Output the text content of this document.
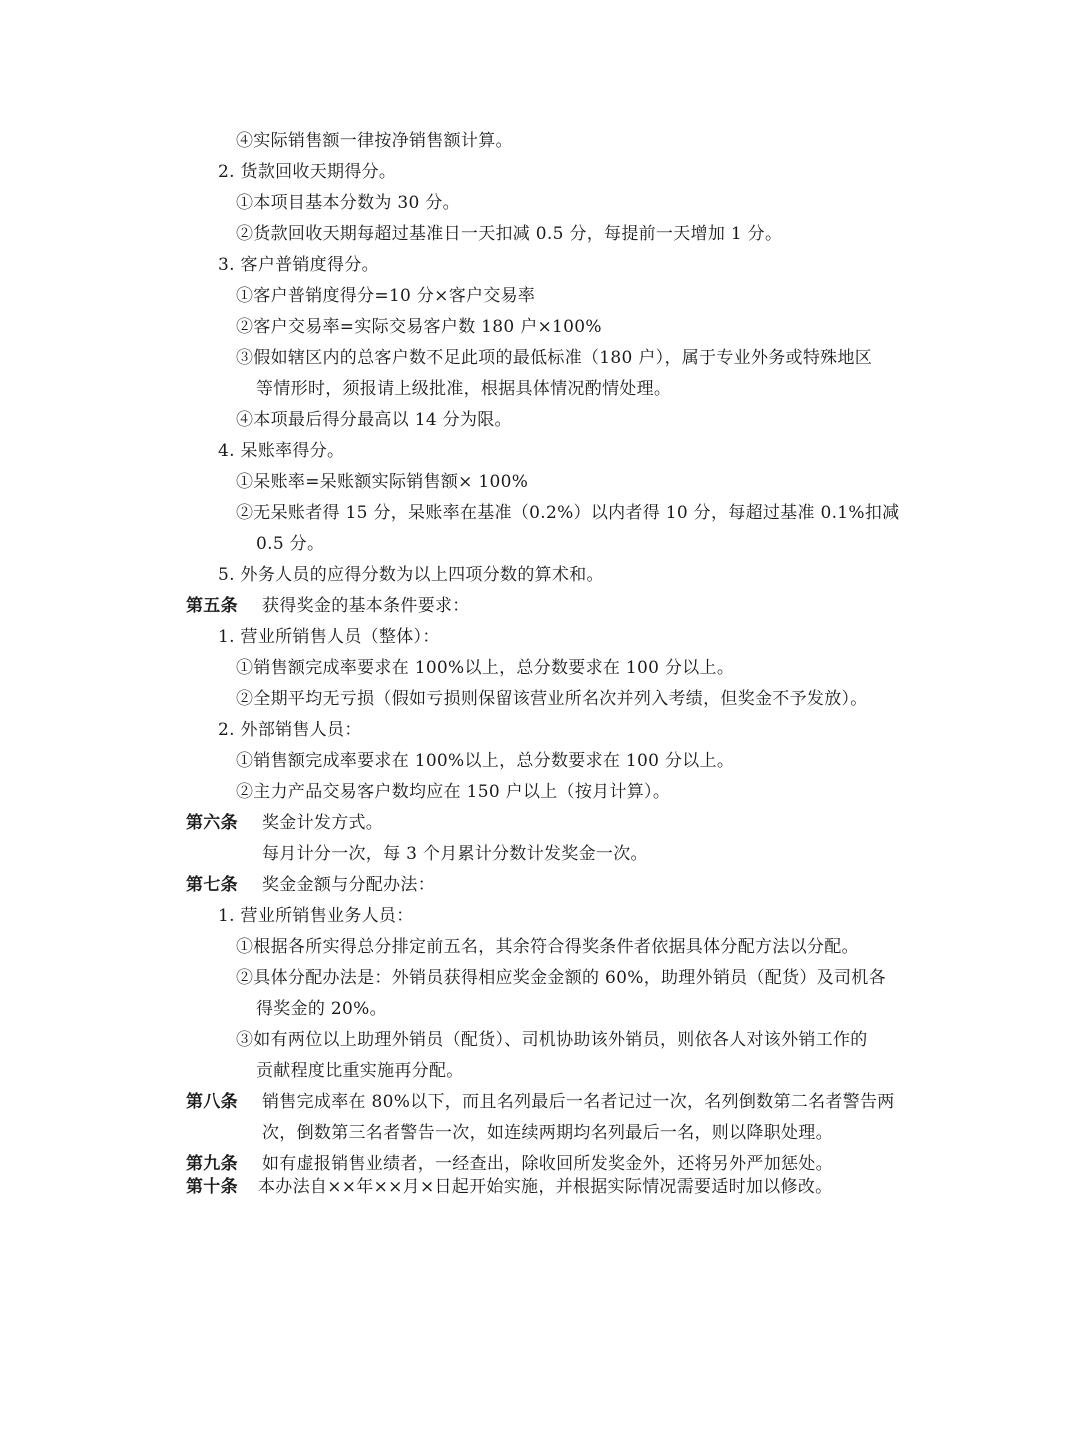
④实际销售额一律按净销售额计算。
2. 货款回收天期得分。
①本项目基本分数为 30 分。
②货款回收天期每超过基准日一天扣减 0.5 分，每提前一天增加 1 分。
3. 客户普销度得分。
①客户普销度得分=10 分×客户交易率
②客户交易率=实际交易客户数 180 户×100%
③假如辖区内的总客户数不足此项的最低标准（180 户），属于专业外务或特殊地区
等情形时，须报请上级批准，根据具体情况酌情处理。
④本项最后得分最高以 14 分为限。
4. 呆账率得分。
①呆账率=呆账额实际销售额× 100%
②无呆账者得 15 分，呆账率在基准（0.2%）以内者得 10 分，每超过基准 0.1%扣减
0.5 分。
5. 外务人员的应得分数为以上四项分数的算术和。
第五条 获得奖金的基本条件要求：
1. 营业所销售人员（整体）：
①销售额完成率要求在 100%以上，总分数要求在 100 分以上。
②全期平均无亏损（假如亏损则保留该营业所名次并列入考绩，但奖金不予发放）。
2. 外部销售人员：
①销售额完成率要求在 100%以上，总分数要求在 100 分以上。
②主力产品交易客户数均应在 150 户以上（按月计算）。
第六条 奖金计发方式。
每月计分一次，每 3 个月累计分数计发奖金一次。
第七条 奖金金额与分配办法：
1. 营业所销售业务人员：
①根据各所实得总分排定前五名，其余符合得奖条件者依据具体分配方法以分配。
②具体分配办法是：外销员获得相应奖金金额的 60%，助理外销员（配货）及司机各
得奖金的 20%。
③如有两位以上助理外销员（配货）、司机协助该外销员，则依各人对该外销工作的
贡献程度比重实施再分配。
第八条 销售完成率在 80%以下，而且名列最后一名者记过一次，名列倒数第二名者警告两
次，倒数第三名者警告一次，如连续两期均名列最后一名，则以降职处理。
第九条 如有虚报销售业绩者，一经查出，除收回所发奖金外，还将另外严加惩处。
第十条 本办法自××年××月×日起开始实施，并根据实际情况需要适时加以修改。
